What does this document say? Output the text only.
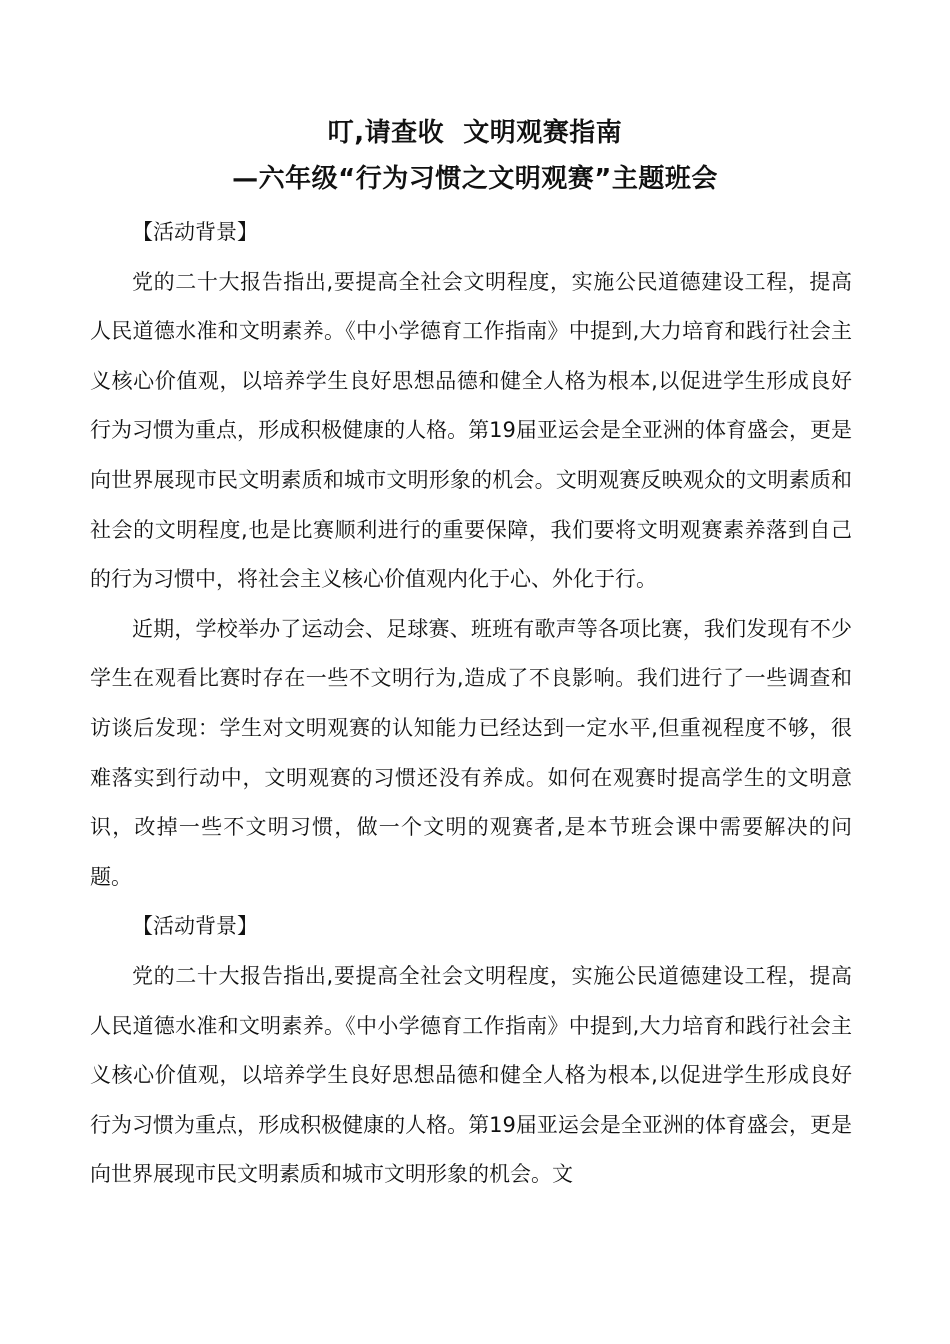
叮,请查收  文明观赛指南
—六年级“行为习惯之文明观赛”主题班会

【活动背景】

党的二十大报告指出,要提高全社会文明程度，实施公民道德建设工程，提高人民道德水准和文明素养。《中小学德育工作指南》中提到,大力培育和践行社会主义核心价值观，以培养学生良好思想品德和健全人格为根本,以促进学生形成良好行为习惯为重点，形成积极健康的人格。第19届亚运会是全亚洲的体育盛会，更是向世界展现市民文明素质和城市文明形象的机会。文明观赛反映观众的文明素质和社会的文明程度,也是比赛顺利进行的重要保障，我们要将文明观赛素养落到自己的行为习惯中，将社会主义核心价值观内化于心、外化于行。

近期，学校举办了运动会、足球赛、班班有歌声等各项比赛，我们发现有不少学生在观看比赛时存在一些不文明行为,造成了不良影响。我们进行了一些调查和访谈后发现：学生对文明观赛的认知能力已经达到一定水平,但重视程度不够，很难落实到行动中，文明观赛的习惯还没有养成。如何在观赛时提高学生的文明意识，改掉一些不文明习惯，做一个文明的观赛者,是本节班会课中需要解决的问题。

【活动背景】

党的二十大报告指出,要提高全社会文明程度，实施公民道德建设工程，提高人民道德水准和文明素养。《中小学德育工作指南》中提到,大力培育和践行社会主义核心价值观，以培养学生良好思想品德和健全人格为根本,以促进学生形成良好行为习惯为重点，形成积极健康的人格。第19届亚运会是全亚洲的体育盛会，更是向世界展现市民文明素质和城市文明形象的机会。文
